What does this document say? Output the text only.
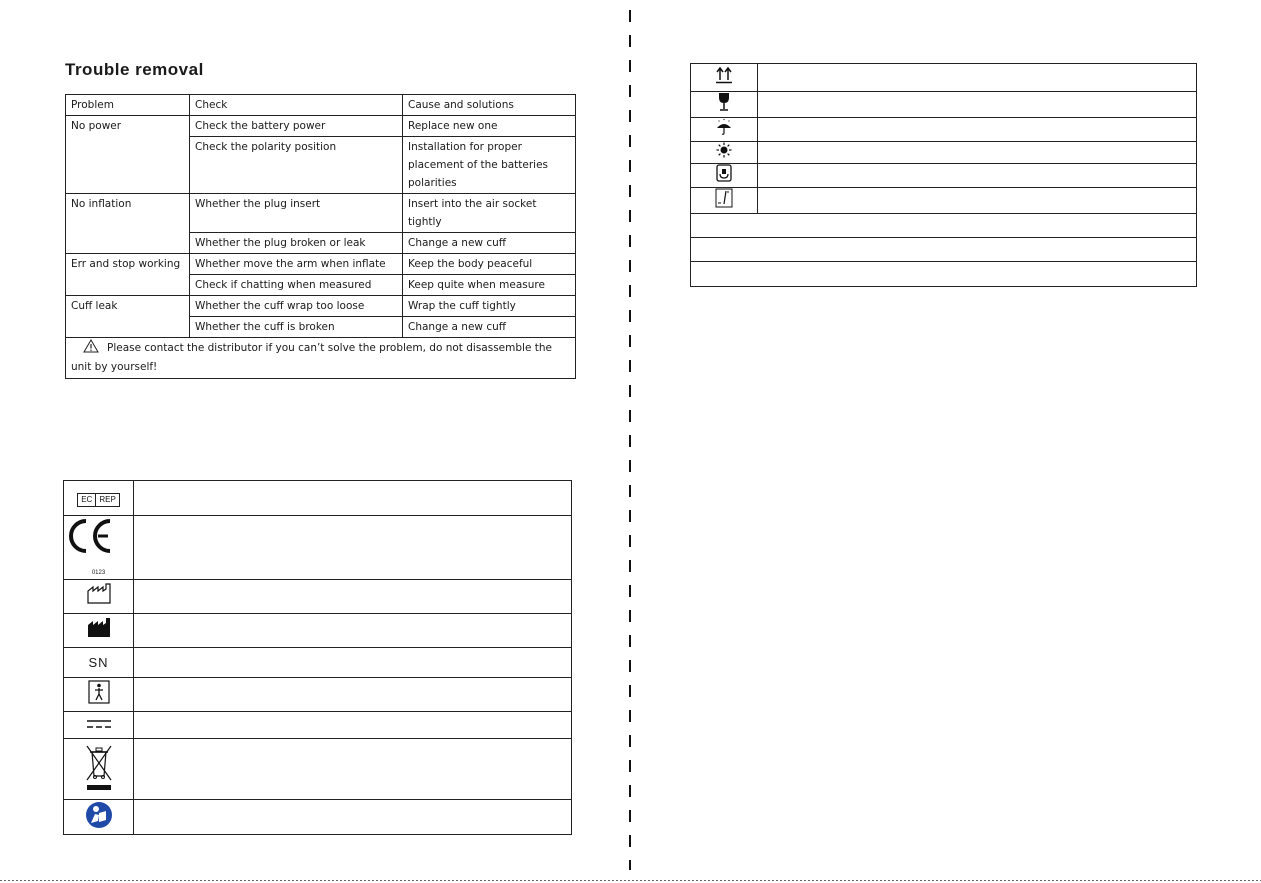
Trouble removal
Problem	Check	Cause and solutions
No power	Check the battery power	Replace new one
	Check the polarity position	Installation for proper placement of the batteries polarities
No inflation	Whether the plug insert	Insert into the air socket tightly
	Whether the plug broken or leak	Change a new cuff
Err and stop working	Whether move the arm when inflate	Keep the body peaceful
	Check if chatting when measured	Keep quite when measure
Cuff leak	Whether the cuff wrap too loose	Wrap the cuff tightly
	Whether the cuff is broken	Change a new cuff
Please contact the distributor if you can’t solve the problem, do not disassemble the unit by yourself!		
EC REP	

0123	

SN	
